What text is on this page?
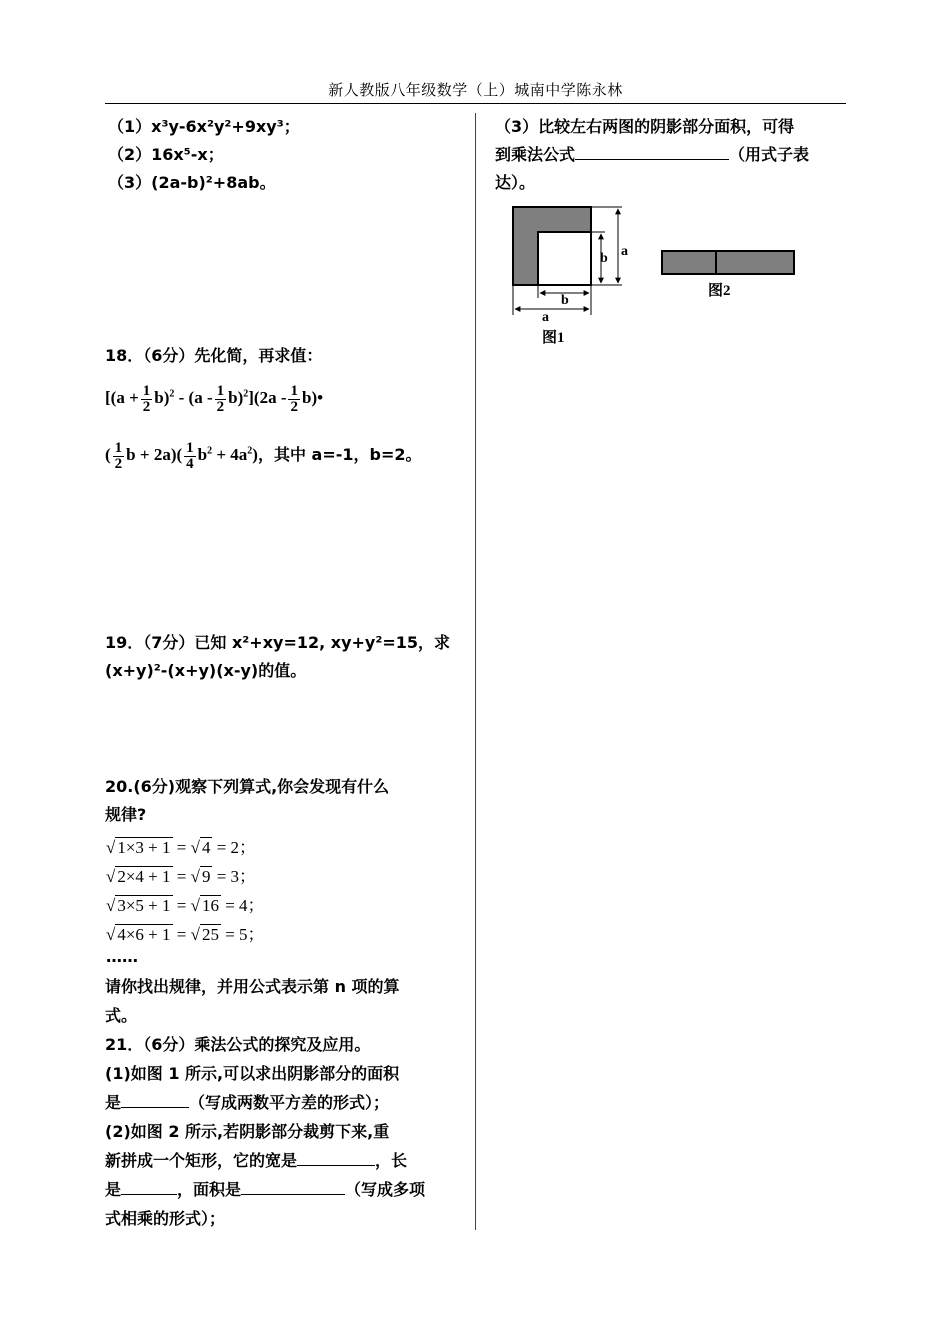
新人教版八年级数学（上）城南中学陈永林
（1）x³y-6x²y²+9xy³；
（2）16x⁵-x；
（3）(2a-b)²+8ab。
18．（6分）先化简，再求值：
$[(a + \frac{1}{2} b)^2 - (a - \frac{1}{2} b)^2](2a - \frac{1}{2}$ b)•
( $\frac{1}{2}$ $b + 2a)( \frac{1}{4} b^2 + 4a^2)$，其中 a=-1，b=2。
19．（7分）已知 x²+xy=12, xy+y²=15，求
(x+y)²-(x+y)(x-y)的值。
20.(6分)观察下列算式,你会发现有什么
规律?
√ 1×3 + 1 = √ 4 = 2；
√ 2×4 + 1 = √ 9 = 3；
√ 3×5 + 1 = √ 16 = 4；
√ 4×6 + 1 = √ 25 = 5；
……
请你找出规律，并用公式表示第 n 项的算
式。
21．（6分）乘法公式的探究及应用。
(1)如图 1 所示,可以求出阴影部分的面积
是	（写成两数平方差的形式）；
(2)如图 2 所示,若阴影部分裁剪下来,重
新拼成一个矩形，它的宽是	，长
是	，面积是	（写成多项
式相乘的形式）；
（3）比较左右两图的阴影部分面积，可得
到乘法公式	（用式子表
达）。
a
b
b
a
图1
图2
